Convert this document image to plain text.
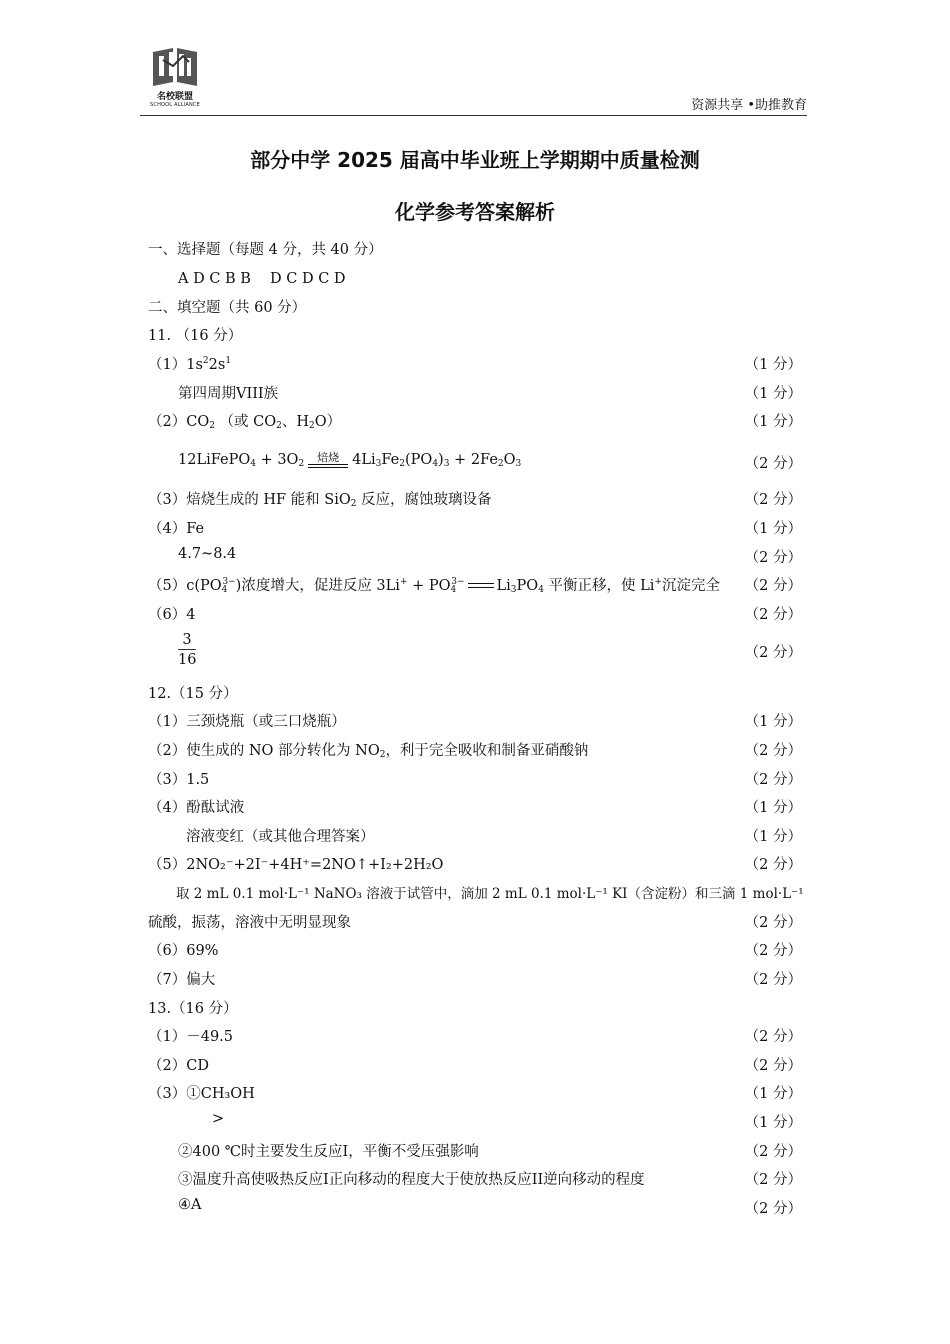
名校联盟
SCHOOL ALLIANCE	资源共享 •助推教育
部分中学 2025 届高中毕业班上学期期中质量检测
化学参考答案解析
一、选择题（每题 4 分，共 40 分）
A D C B B　 D C D C D
二、填空题（共 60 分）
11. （16 分）
$(1)1s^22s^1$	（1 分）
第四周期VIII族	（1 分）
$(2)CO_2$ （或 $CO_2$、$H_2O$）	（1 分）
12LiFePO$_4$ + $3O_2$	焙烧 $4Li_3Fe_2(PO_4)_3 + 2Fe_2O_3$	（2 分）
（3）焙烧生成的 HF 能和 SiO$_2$ 反应，腐蚀玻璃设备	（2 分）
（4）Fe	（1 分）
4.7~8.4	（2 分）
$(5)c(PO_4^{3-})$浓度增大，促进反应 $3Li^+ + PO_4^{3-}$ $Li_3PO_4$ 平衡正移，使 Li+沉淀完全 （2 分）
（6）4	（2 分）
$\frac{3}{16}$	（2 分）
12.（15 分）
（1）三颈烧瓶（或三口烧瓶）	（1 分）
（2）使生成的 NO 部分转化为 $NO_2$，利于完全吸收和制备亚硝酸钠	（2 分）
（3）1.5	（2 分）
（4）酚酞试液	（1 分）
溶液变红（或其他合理答案）	（1 分）
（5）2NO₂⁻+2I⁻+4H⁺=2NO↑+I₂+2H₂O	（2 分）
取 2 mL 0.1 mol·L⁻¹ NaNO₃ 溶液于试管中，滴加 2 mL 0.1 mol·L⁻¹ KI（含淀粉）和三滴 1 mol·L⁻¹
硫酸，振荡，溶液中无明显现象	（2 分）
（6）69%	（2 分）
（7）偏大	（2 分）
13.（16 分）
（1）－49.5	（2 分）
（2）CD	（2 分）
（3）①CH₃OH	（1 分）
>	（1 分）
②400 ℃时主要发生反应I，平衡不受压强影响	（2 分）
③温度升高使吸热反应I正向移动的程度大于使放热反应II逆向移动的程度	（2 分）
④A	（2 分）
